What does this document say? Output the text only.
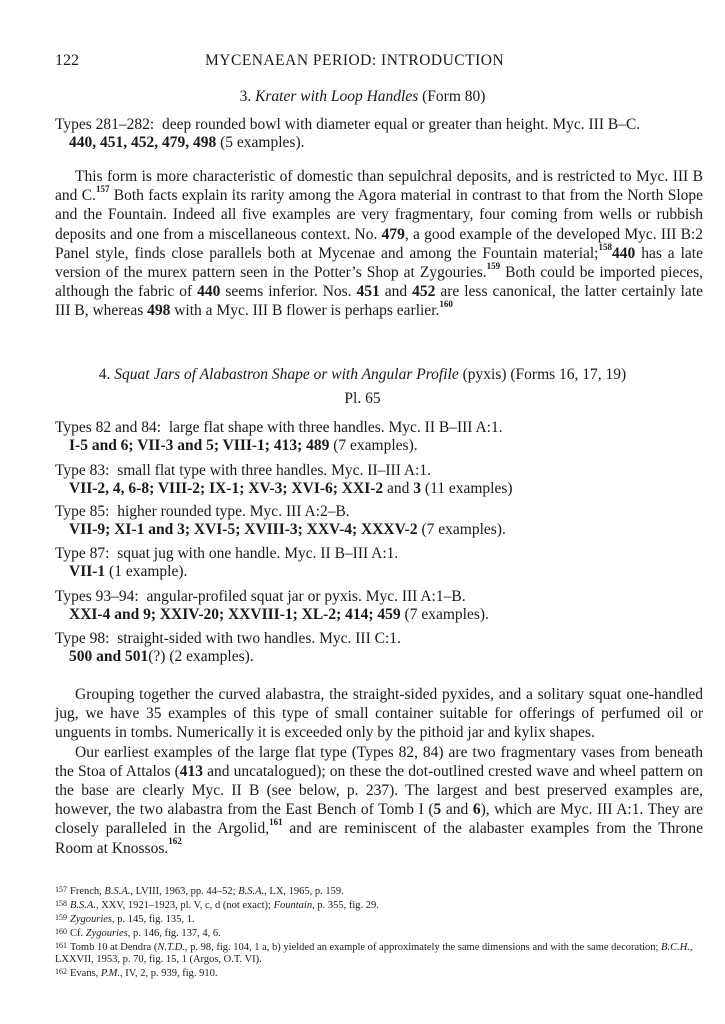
122	MYCENAEAN PERIOD: INTRODUCTION
3. Krater with Loop Handles (Form 80)
Types 281–282: deep rounded bowl with diameter equal or greater than height. Myc. III B–C.
440, 451, 452, 479, 498 (5 examples).

This form is more characteristic of domestic than sepulchral deposits, and is restricted to Myc. III B and C.$^{157}$ Both facts explain its rarity among the Agora material in contrast to that from the North Slope and the Fountain. Indeed all five examples are very fragmentary, four coming from wells or rubbish deposits and one from a miscellaneous context. No. 479, a good example of the developed Myc. III B:2 Panel style, finds close parallels both at Mycenae and among the Fountain material;$^{158}$440 has a late version of the murex pattern seen in the Potter’s Shop at Zygouries.$^{159}$ Both could be imported pieces, although the fabric of 440 seems inferior. Nos. 451 and 452 are less canonical, the latter certainly late III B, whereas 498 with a Myc. III B flower is perhaps earlier.$^{160}$

4. Squat Jars of Alabastron Shape or with Angular Profile (pyxis) (Forms 16, 17, 19)
Pl. 65
Types 82 and 84: large flat shape with three handles. Myc. II B–III A:1.
I-5 and 6; VII-3 and 5; VIII-1; 413; 489 (7 examples).
Type 83: small flat type with three handles. Myc. II–III A:1.
VII-2, 4, 6-8; VIII-2; IX-1; XV-3; XVI-6; XXI-2 and 3 (11 examples)
Type 85: higher rounded type. Myc. III A:2–B.
VII-9; XI-1 and 3; XVI-5; XVIII-3; XXV-4; XXXV-2 (7 examples).
Type 87: squat jug with one handle. Myc. II B–III A:1.
VII-1 (1 example).
Types 93–94: angular-profiled squat jar or pyxis. Myc. III A:1–B.
XXI-4 and 9; XXIV-20; XXVIII-1; XL-2; 414; 459 (7 examples).
Type 98: straight-sided with two handles. Myc. III C:1.
500 and 501(?) (2 examples).

Grouping together the curved alabastra, the straight-sided pyxides, and a solitary squat one-handled jug, we have 35 examples of this type of small container suitable for offerings of perfumed oil or unguents in tombs. Numerically it is exceeded only by the pithoid jar and kylix shapes.

Our earliest examples of the large flat type (Types 82, 84) are two fragmentary vases from beneath the Stoa of Attalos (413 and uncatalogued); on these the dot-outlined crested wave and wheel pattern on the base are clearly Myc. II B (see below, p. 237). The largest and best preserved examples are, however, the two alabastra from the East Bench of Tomb I (5 and 6), which are Myc. III A:1. They are closely paralleled in the Argolid,$^{161}$ and are reminiscent of the alabaster examples from the Throne Room at Knossos.$^{162}$

157 French, B.S.A., LVIII, 1963, pp. 44–52; B.S.A., LX, 1965, p. 159.
158 B.S.A., XXV, 1921–1923, pl. V, c, d (not exact); Fountain, p. 355, fig. 29.
159 Zygouries, p. 145, fig. 135, 1.
160 Cf. Zygouries, p. 146, fig. 137, 4, 6.
161 Tomb 10 at Dendra (N.T.D., p. 98, fig. 104, 1 a, b) yielded an example of approximately the same dimensions and with the same decoration; B.C.H., LXXVII, 1953, p. 70, fig. 15, 1 (Argos, O.T. VI).
162 Evans, P.M., IV, 2, p. 939, fig. 910.
